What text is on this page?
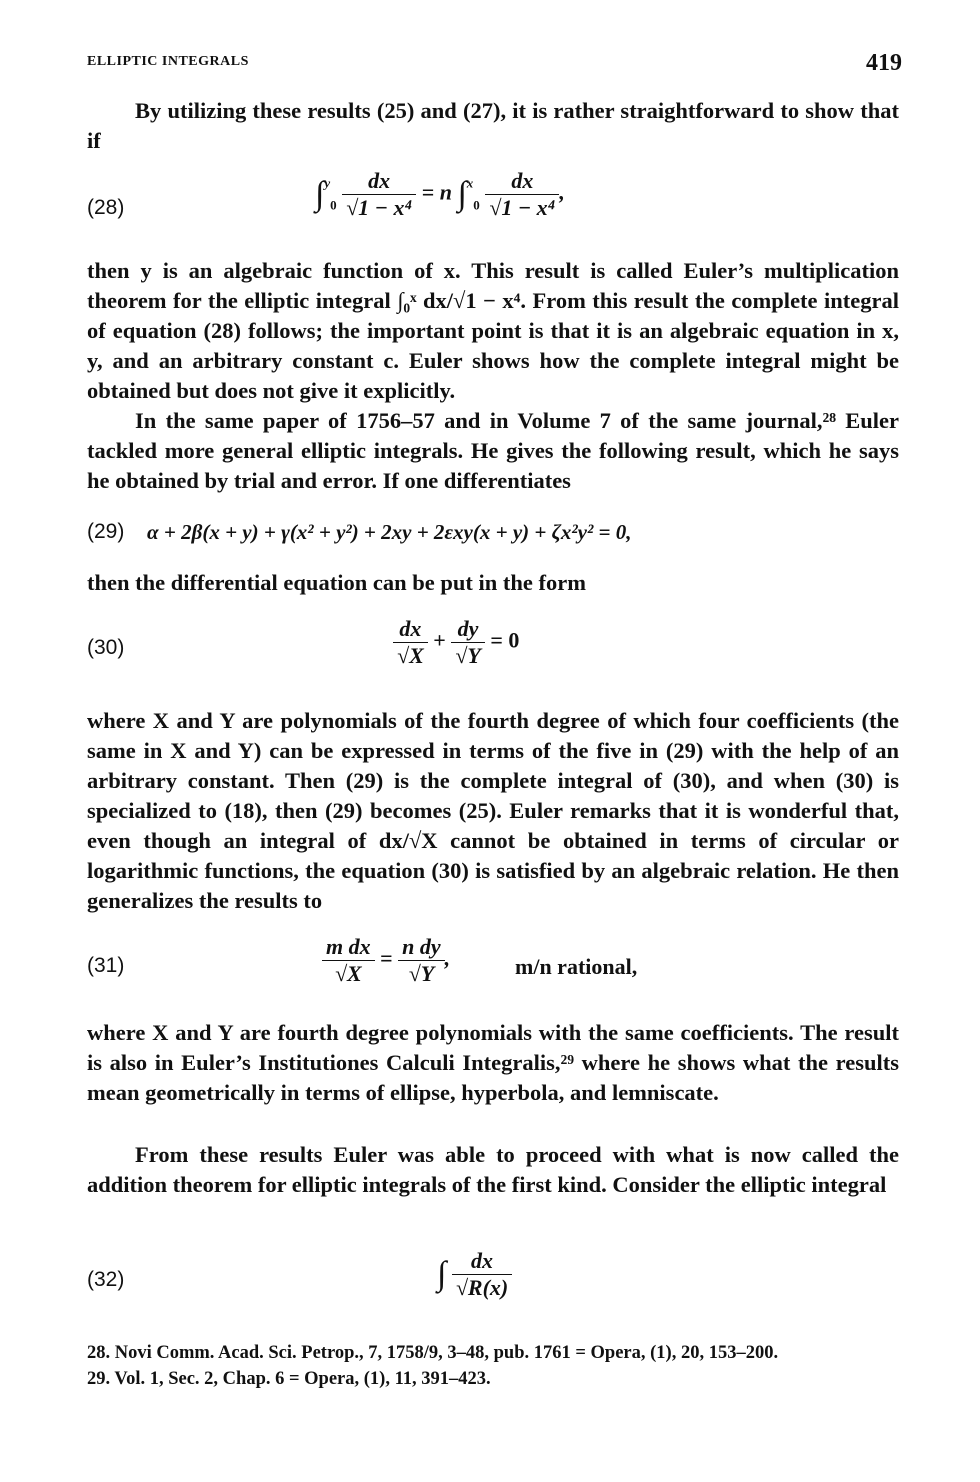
ELLIPTIC INTEGRALS	419

By utilizing these results (25) and (27), it is rather straightforward to show that if

(28)	$\int^y_0 \frac{dx}{\text{√1 − x⁴}} = n$ $\int^x_0 \frac{dx}{\text{√1 − x⁴}}$ ,

then y is an algebraic function of x. This result is called Euler’s multiplication theorem for the elliptic integral ∫₀ˣ dx/√1 − x⁴. From this result the complete integral of equation (28) follows; the important point is that it is an algebraic equation in x, y, and an arbitrary constant c. Euler shows how the complete integral might be obtained but does not give it explicitly.

In the same paper of 1756–57 and in Volume 7 of the same journal,²⁸ Euler tackled more general elliptic integrals. He gives the following result, which he says he obtained by trial and error. If one differentiates

(29) α + 2β(x + y) + γ(x² + y²) + 2xy + 2εxy(x + y) + ζx²y² = 0,

then the differential equation can be put in the form

(30)	$\frac{dx}{√X} + \frac{dy}{√Y} = 0$

where X and Y are polynomials of the fourth degree of which four coefficients (the same in X and Y) can be expressed in terms of the five in (29) with the help of an arbitrary constant. Then (29) is the complete integral of (30), and when (30) is specialized to (18), then (29) becomes (25). Euler remarks that it is wonderful that, even though an integral of dx/√X cannot be obtained in terms of circular or logarithmic functions, the equation (30) is satisfied by an algebraic relation. He then generalizes the results to

(31)	$\frac{\text{m dx}}{√X} = \frac{\text{n dy}}{√Y}$ ,	m/n rational,

where X and Y are fourth degree polynomials with the same coefficients. The result is also in Euler’s Institutiones Calculi Integralis,²⁹ where he shows what the results mean geometrically in terms of ellipse, hyperbola, and lemniscate.

From these results Euler was able to proceed with what is now called the addition theorem for elliptic integrals of the first kind. Consider the elliptic integral

(32)	∫ $\frac{dx}{√R(x)}$
28. Novi Comm. Acad. Sci. Petrop., 7, 1758/9, 3–48, pub. 1761 = Opera, (1), 20, 153–200.
29. Vol. 1, Sec. 2, Chap. 6 = Opera, (1), 11, 391–423.
